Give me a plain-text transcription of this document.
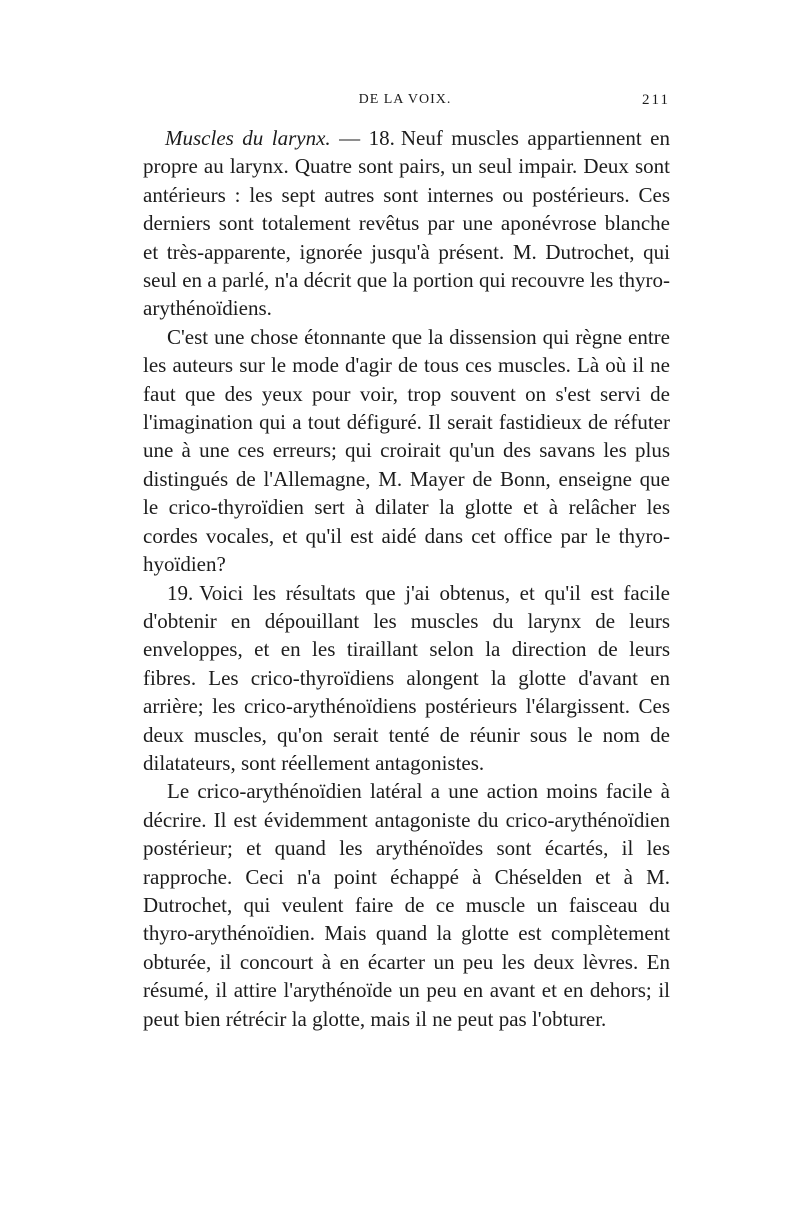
DE LA VOIX.	211

Muscles du larynx. — 18. Neuf muscles appartiennent en propre au larynx. Quatre sont pairs, un seul impair. Deux sont antérieurs : les sept autres sont internes ou postérieurs. Ces derniers sont totalement revêtus par une aponévrose blanche et très-apparente, ignorée jusqu'à présent. M. Dutrochet, qui seul en a parlé, n'a décrit que la portion qui recouvre les thyro-arythénoïdiens.

C'est une chose étonnante que la dissension qui règne entre les auteurs sur le mode d'agir de tous ces muscles. Là où il ne faut que des yeux pour voir, trop souvent on s'est servi de l'imagination qui a tout défiguré. Il serait fastidieux de réfuter une à une ces erreurs; qui croirait qu'un des savans les plus distingués de l'Allemagne, M. Mayer de Bonn, enseigne que le crico-thyroïdien sert à dilater la glotte et à relâcher les cordes vocales, et qu'il est aidé dans cet office par le thyro-hyoïdien?

19. Voici les résultats que j'ai obtenus, et qu'il est facile d'obtenir en dépouillant les muscles du larynx de leurs enveloppes, et en les tiraillant selon la direction de leurs fibres. Les crico-thyroïdiens alongent la glotte d'avant en arrière; les crico-arythénoïdiens postérieurs l'élargissent. Ces deux muscles, qu'on serait tenté de réunir sous le nom de dilatateurs, sont réellement antagonistes.

Le crico-arythénoïdien latéral a une action moins facile à décrire. Il est évidemment antagoniste du crico-arythénoïdien postérieur; et quand les arythénoïdes sont écartés, il les rapproche. Ceci n'a point échappé à Chéselden et à M. Dutrochet, qui veulent faire de ce muscle un faisceau du thyro-arythénoïdien. Mais quand la glotte est complètement obturée, il concourt à en écarter un peu les deux lèvres. En résumé, il attire l'arythénoïde un peu en avant et en dehors; il peut bien rétrécir la glotte, mais il ne peut pas l'obturer.
